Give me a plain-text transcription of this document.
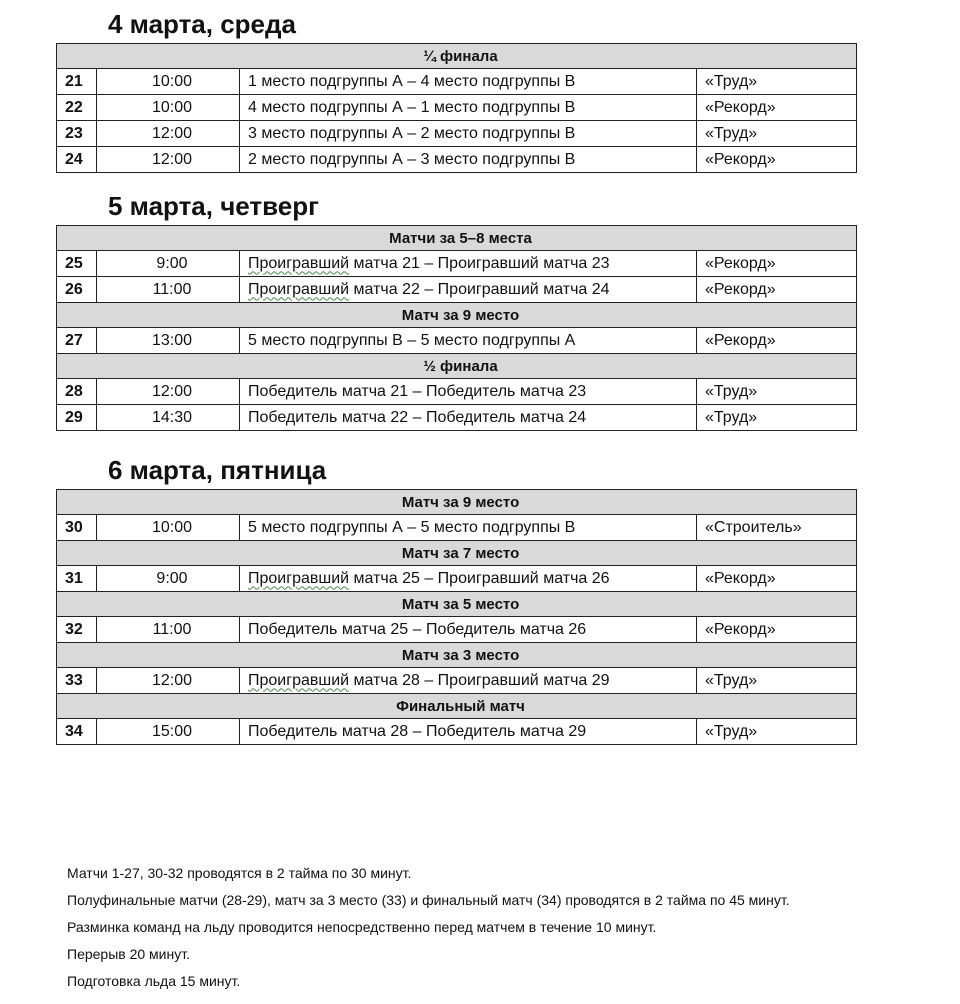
4 марта, среда
¼ финала			
21	10:00	1 место подгруппы А – 4 место подгруппы В	«Труд»
22	10:00	4 место подгруппы А – 1 место подгруппы В	«Рекорд»
23	12:00	3 место подгруппы А – 2 место подгруппы В	«Труд»
24	12:00	2 место подгруппы А – 3 место подгруппы В	«Рекорд»
5 марта, четверг
Матчи за 5–8 места			
25	9:00	Проигравший матча 21 – Проигравший матча 23	«Рекорд»
26	11:00	Проигравший матча 22 – Проигравший матча 24	«Рекорд»
Матч за 9 место			
27	13:00	5 место подгруппы В – 5 место подгруппы А	«Рекорд»
½ финала			
28	12:00	Победитель матча 21 – Победитель матча 23	«Труд»
29	14:30	Победитель матча 22 – Победитель матча 24	«Труд»
6 марта, пятница
Матч за 9 место			
30	10:00	5 место подгруппы А – 5 место подгруппы В	«Строитель»
Матч за 7 место			
31	9:00	Проигравший матча 25 – Проигравший матча 26	«Рекорд»
Матч за 5 место			
32	11:00	Победитель матча 25 – Победитель матча 26	«Рекорд»
Матч за 3 место			
33	12:00	Проигравший матча 28 – Проигравший матча 29	«Труд»
Финальный матч			
34	15:00	Победитель матча 28 – Победитель матча 29	«Труд»

Матчи 1-27, 30-32 проводятся в 2 тайма по 30 минут.

Полуфинальные матчи (28-29), матч за 3 место (33) и финальный матч (34) проводятся в 2 тайма по 45 минут.

Разминка команд на льду проводится непосредственно перед матчем в течение 10 минут.

Перерыв 20 минут.

Подготовка льда 15 минут.
